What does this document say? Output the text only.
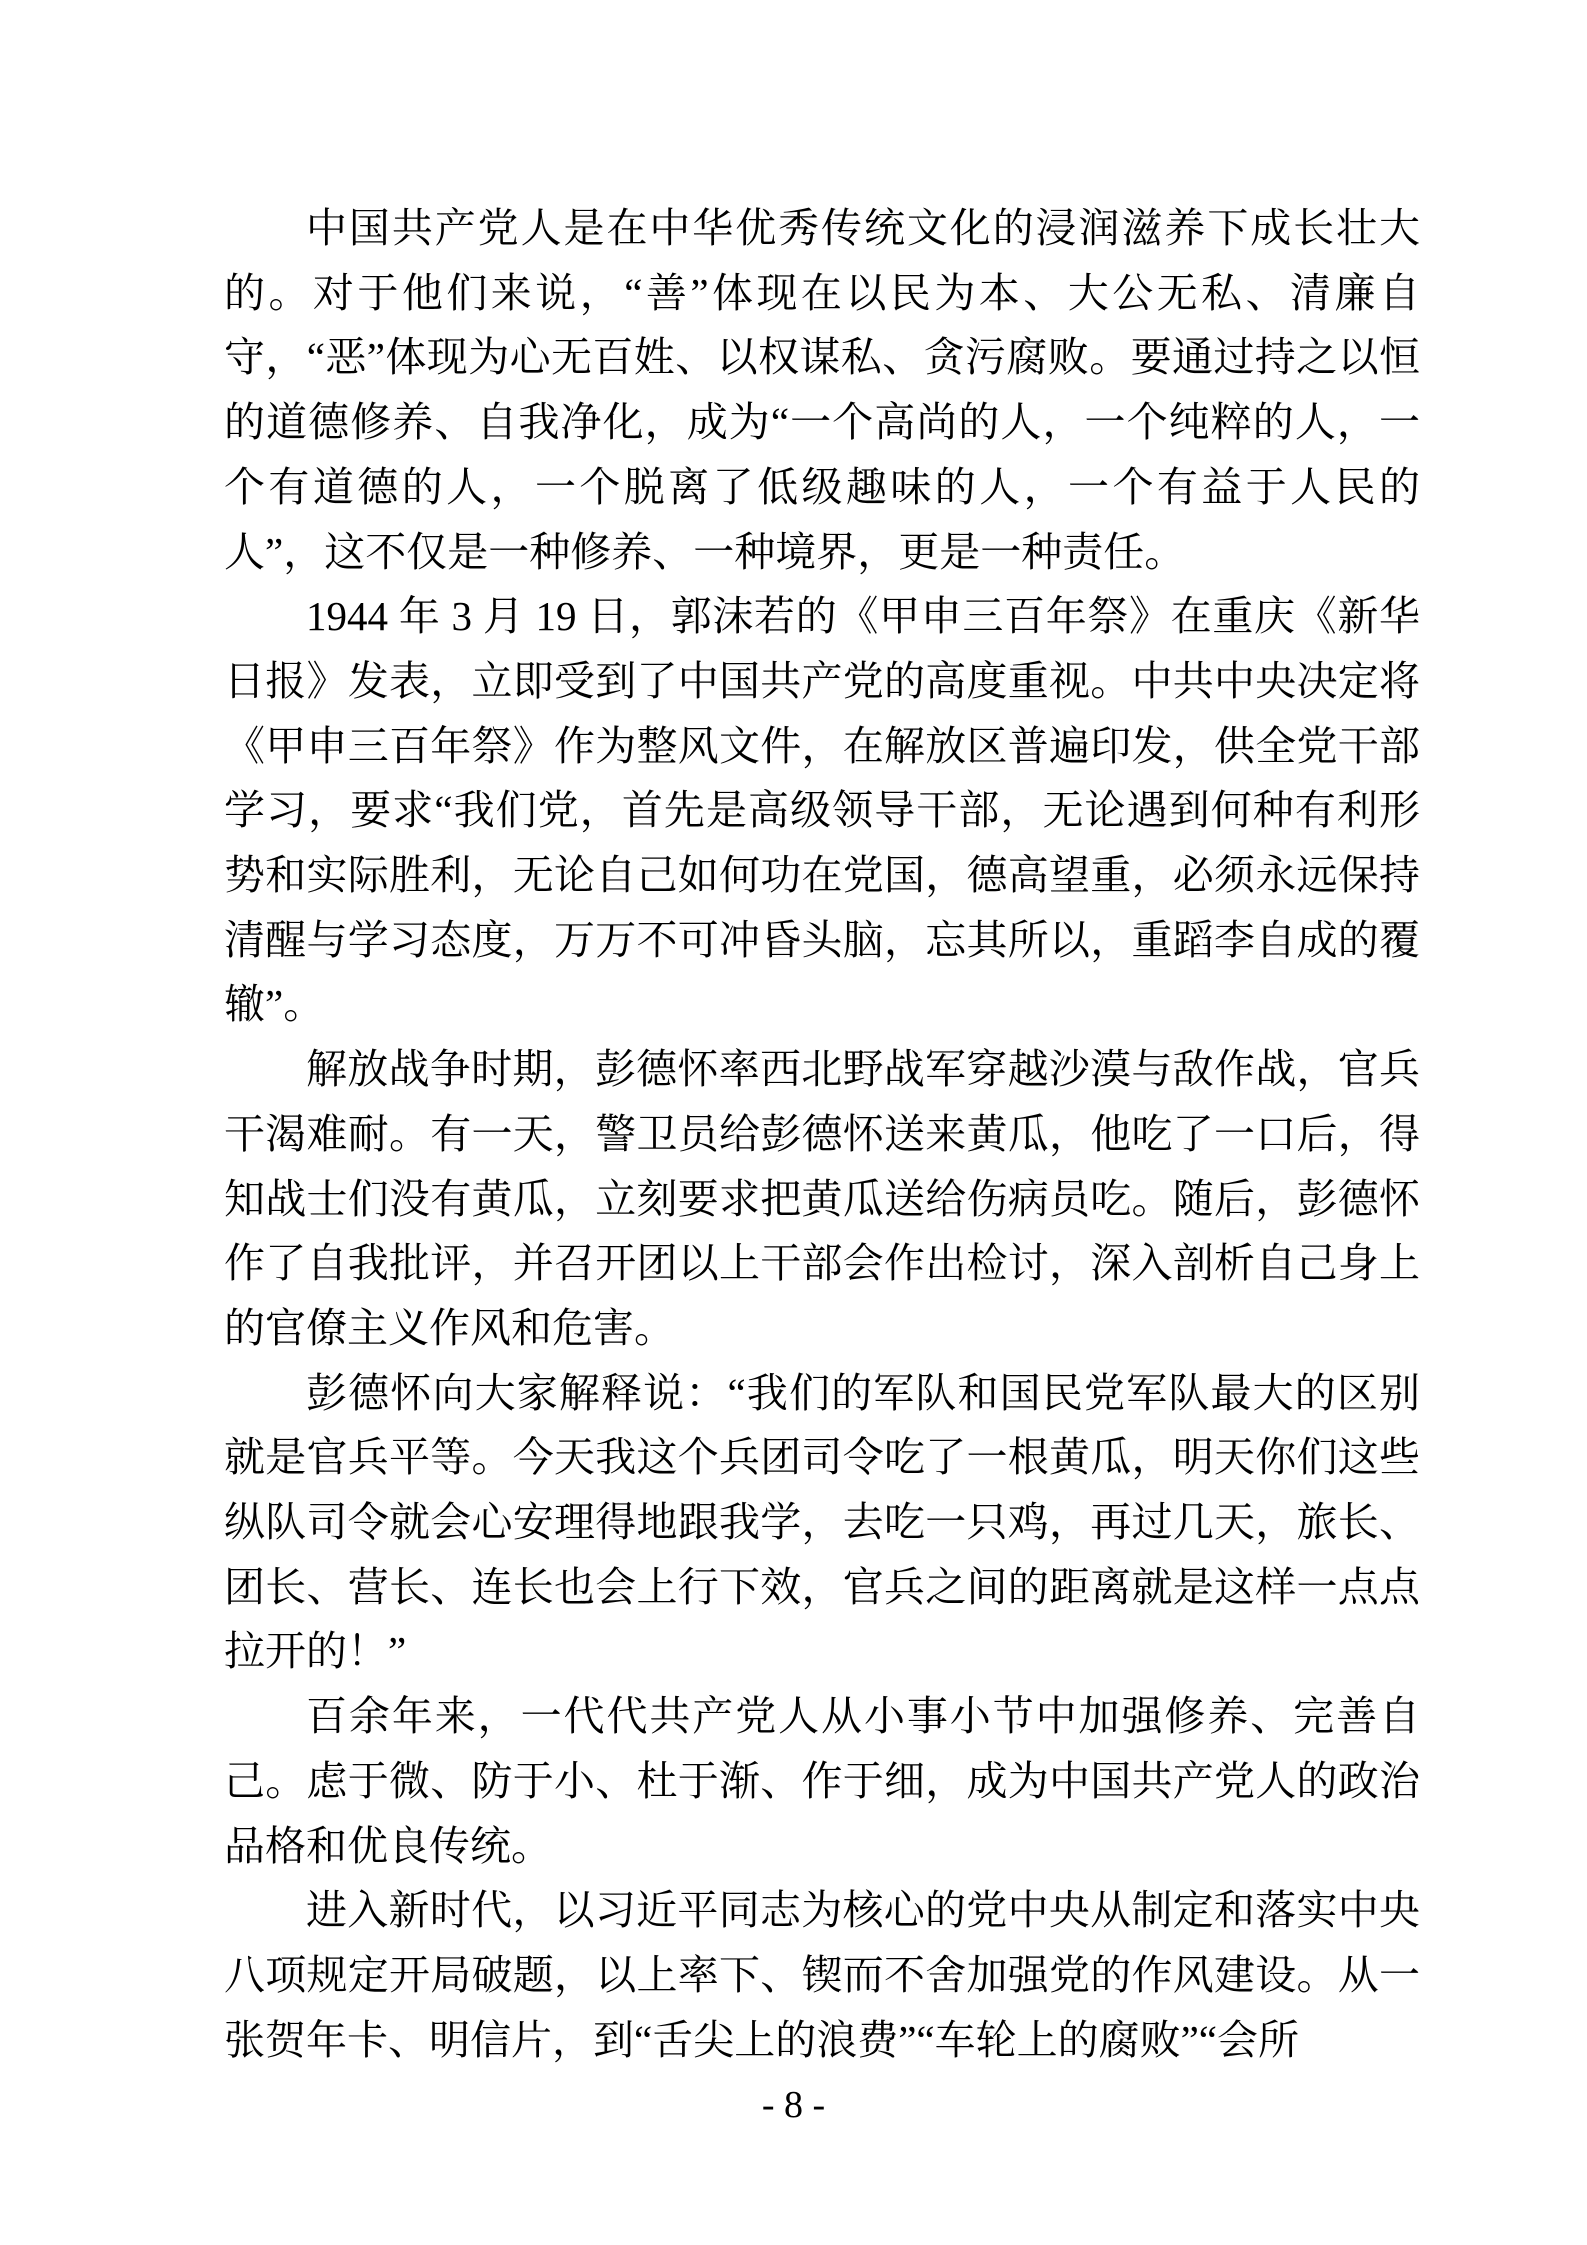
中国共产党人是在中华优秀传统文化的浸润滋养下成长壮大的。对于他们来说，“善”体现在以民为本、大公无私、清廉自守，“恶”体现为心无百姓、以权谋私、贪污腐败。要通过持之以恒的道德修养、自我净化，成为“一个高尚的人，一个纯粹的人，一个有道德的人，一个脱离了低级趣味的人，一个有益于人民的人”，这不仅是一种修养、一种境界，更是一种责任。

1944 年 3 月 19 日，郭沫若的《甲申三百年祭》在重庆《新华日报》发表，立即受到了中国共产党的高度重视。中共中央决定将《甲申三百年祭》作为整风文件，在解放区普遍印发，供全党干部学习，要求“我们党，首先是高级领导干部，无论遇到何种有利形势和实际胜利，无论自己如何功在党国，德高望重，必须永远保持清醒与学习态度，万万不可冲昏头脑，忘其所以，重蹈李自成的覆辙”。

解放战争时期，彭德怀率西北野战军穿越沙漠与敌作战，官兵干渴难耐。有一天，警卫员给彭德怀送来黄瓜，他吃了一口后，得知战士们没有黄瓜，立刻要求把黄瓜送给伤病员吃。随后，彭德怀作了自我批评，并召开团以上干部会作出检讨，深入剖析自己身上的官僚主义作风和危害。

彭德怀向大家解释说：“我们的军队和国民党军队最大的区别就是官兵平等。今天我这个兵团司令吃了一根黄瓜，明天你们这些纵队司令就会心安理得地跟我学，去吃一只鸡，再过几天，旅长、团长、营长、连长也会上行下效，官兵之间的距离就是这样一点点拉开的！”

百余年来，一代代共产党人从小事小节中加强修养、完善自己。虑于微、防于小、杜于渐、作于细，成为中国共产党人的政治品格和优良传统。

进入新时代，以习近平同志为核心的党中央从制定和落实中央八项规定开局破题，以上率下、锲而不舍加强党的作风建设。从一张贺年卡、明信片，到“舌尖上的浪费”“车轮上的腐败”“会所

- 8 -
